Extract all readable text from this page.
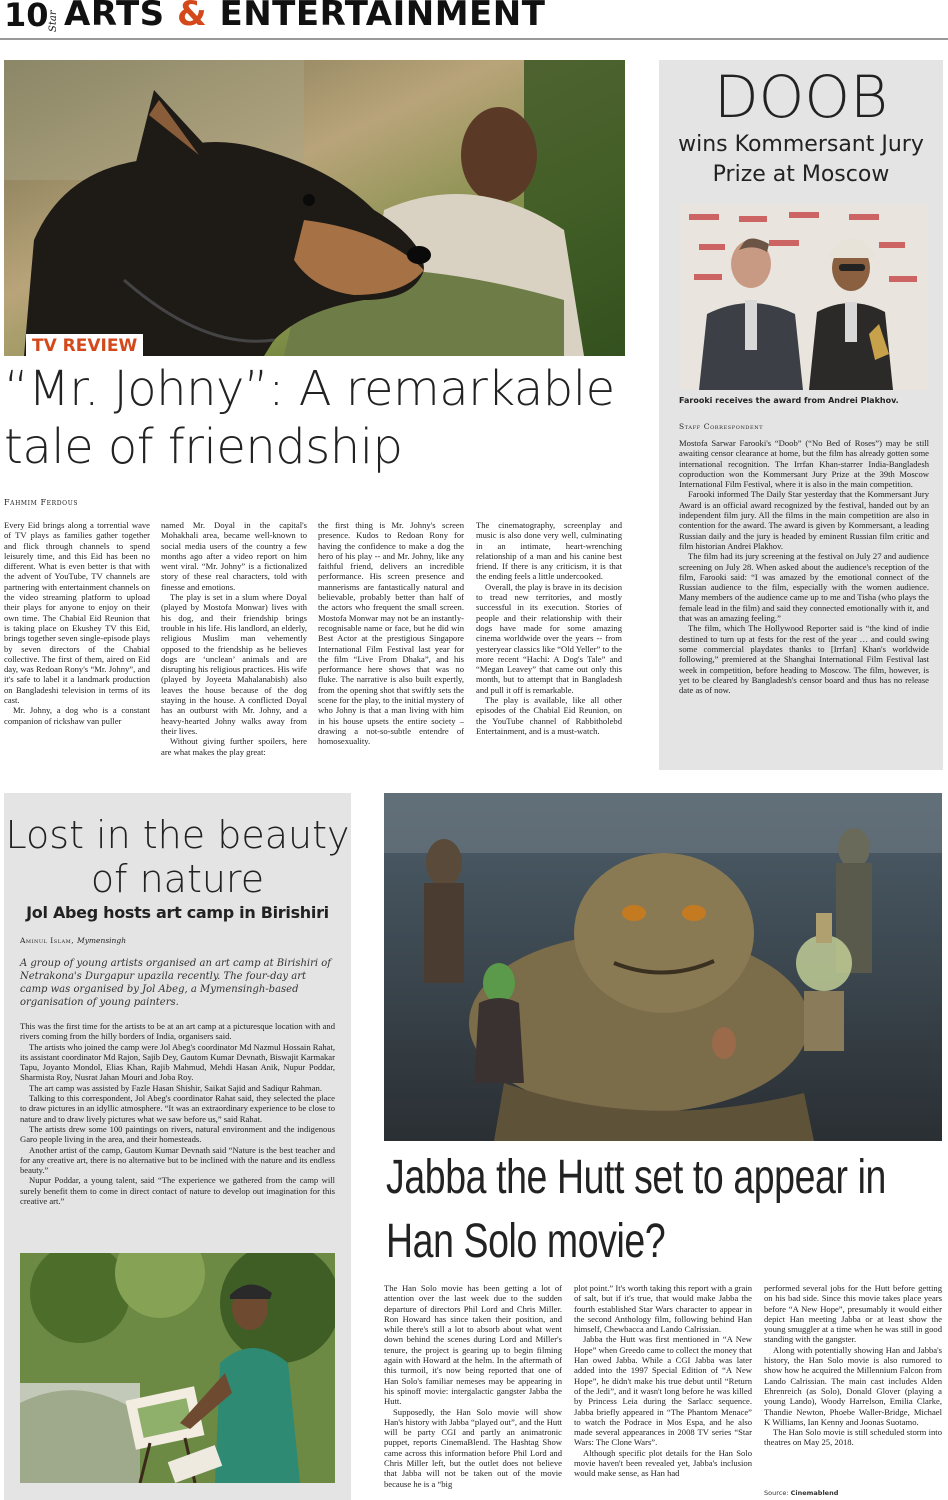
10 Star ARTS & ENTERTAINMENT
TV REVIEW
“Mr. Johny”: A remarkable tale of friendship
Fahmim Ferdous

Every Eid brings along a torrential wave of TV plays as families gather together and flick through channels to spend leisurely time, and this Eid has been no different. What is even better is that with the advent of YouTube, TV channels are partnering with entertainment channels on the video streaming platform to upload their plays for anyone to enjoy on their own time. The Chabial Eid Reunion that is taking place on Ekushey TV this Eid, brings together seven single-episode plays by seven directors of the Chabial collective. The first of them, aired on Eid day, was Redoan Rony's “Mr. Johny”, and it's safe to label it a landmark production on Bangladeshi television in terms of its cast.

Mr. Johny, a dog who is a constant companion of rickshaw van puller

named Mr. Doyal in the capital's Mohakhali area, became well-known to social media users of the country a few months ago after a video report on him went viral. “Mr. Johny” is a fictionalized story of these real characters, told with finesse and emotions.

The play is set in a slum where Doyal (played by Mostofa Monwar) lives with his dog, and their friendship brings trouble in his life. His landlord, an elderly, religious Muslim man vehemently opposed to the friendship as he believes dogs are ‘unclean’ animals and are disrupting his religious practices. His wife (played by Joyeeta Mahalanabish) also leaves the house because of the dog staying in the house. A conflicted Doyal has an outburst with Mr. Johny, and a heavy-hearted Johny walks away from their lives.

Without giving further spoilers, here are what makes the play great:

the first thing is Mr. Johny's screen presence. Kudos to Redoan Rony for having the confidence to make a dog the hero of his play -- and Mr. Johny, like any faithful friend, delivers an incredible performance. His screen presence and mannerisms are fantastically natural and believable, probably better than half of the actors who frequent the small screen. Mostofa Monwar may not be an instantly-recognisable name or face, but he did win Best Actor at the prestigious Singapore International Film Festival last year for the film “Live From Dhaka”, and his performance here shows that was no fluke. The narrative is also built expertly, from the opening shot that swiftly sets the scene for the play, to the initial mystery of who Johny is that a man living with him in his house upsets the entire society – drawing a not-so-subtle entendre of homosexuality.

The cinematography, screenplay and music is also done very well, culminating in an intimate, heart-wrenching relationship of a man and his canine best friend. If there is any criticism, it is that the ending feels a little undercooked.

Overall, the play is brave in its decision to tread new territories, and mostly successful in its execution. Stories of people and their relationship with their dogs have made for some amazing cinema worldwide over the years -- from yesteryear classics like “Old Yeller” to the more recent “Hachi: A Dog's Tale” and “Megan Leavey” that came out only this month, but to attempt that in Bangladesh and pull it off is remarkable.

The play is available, like all other episodes of the Chabial Eid Reunion, on the YouTube channel of Rabbitholebd Entertainment, and is a must-watch.

DOOB
wins Kommersant Jury Prize at Moscow
Farooki receives the award from Andrei Plakhov.
Staff Correspondent

Mostofa Sarwar Farooki's “Doob” (“No Bed of Roses”) may be still awaiting censor clearance at home, but the film has already gotten some international recognition. The Irrfan Khan-starrer India-Bangladesh coproduction won the Kommersant Jury Prize at the 39th Moscow International Film Festival, where it is also in the main competition.

Farooki informed The Daily Star yesterday that the Kommersant Jury Award is an official award recognized by the festival, handed out by an independent film jury. All the films in the main competition are also in contention for the award. The award is given by Kommersant, a leading Russian daily and the jury is headed by eminent Russian film critic and film historian Andrei Plakhov.

The film had its jury screening at the festival on July 27 and audience screening on July 28. When asked about the audience's reception of the film, Farooki said: “I was amazed by the emotional connect of the Russian audience to the film, especially with the women audience. Many members of the audience came up to me and Tisha (who plays the female lead in the film) and said they connected emotionally with it, and that was an amazing feeling.”

The film, which The Hollywood Reporter said is “the kind of indie destined to turn up at fests for the rest of the year … and could swing some commercial playdates thanks to [Irrfan] Khan's worldwide following,” premiered at the Shanghai International Film Festival last week in competition, before heading to Moscow. The film, however, is yet to be cleared by Bangladesh's censor board and thus has no release date as of now.

Lost in the beauty of nature
Jol Abeg hosts art camp in Birishiri
Aminul Islam, Mymensingh
A group of young artists organised an art camp at Birishiri of Netrakona's Durgapur upazila recently. The four-day art camp was organised by Jol Abeg, a Mymensingh-based organisation of young painters.

This was the first time for the artists to be at an art camp at a picturesque location with and rivers coming from the hilly borders of India, organisers said.

The artists who joined the camp were Jol Abeg's coordinator Md Nazmul Hossain Rahat, its assistant coordinator Md Rajon, Sajib Dey, Gautom Kumar Devnath, Biswajit Karmakar Tapu, Joyanto Mondol, Elias Khan, Rajib Mahmud, Mehdi Hasan Anik, Nupur Poddar, Sharmista Roy, Nusrat Jahan Mouri and Joba Roy.

The art camp was assisted by Fazle Hasan Shishir, Saikat Sajid and Sadiqur Rahman.

Talking to this correspondent, Jol Abeg's coordinator Rahat said, they selected the place to draw pictures in an idyllic atmosphere. “It was an extraordinary experience to be close to nature and to draw lively pictures what we saw before us,” said Rahat.

The artists drew some 100 paintings on rivers, natural environment and the indigenous Garo people living in the area, and their homesteads.

Another artist of the camp, Gautom Kumar Devnath said “Nature is the best teacher and for any creative art, there is no alternative but to be inclined with the nature and its endless beauty.”

Nupur Poddar, a young talent, said “The experience we gathered from the camp will surely benefit them to come in direct contact of nature to develop out imagination for this creative art.”	Jabba the Hutt set to appear in Han Solo movie?

The Han Solo movie has been getting a lot of attention over the last week due to the sudden departure of directors Phil Lord and Chris Miller. Ron Howard has since taken their position, and while there's still a lot to absorb about what went down behind the scenes during Lord and Miller's tenure, the project is gearing up to begin filming again with Howard at the helm. In the aftermath of this turmoil, it's now being reported that one of Han Solo's familiar nemeses may be appearing in his spinoff movie: intergalactic gangster Jabba the Hutt.

Supposedly, the Han Solo movie will show Han's history with Jabba “played out”, and the Hutt will be party CGI and partly an animatronic puppet, reports CinemaBlend. The Hashtag Show came across this information before Phil Lord and Chris Miller left, but the outlet does not believe that Jabba will not be taken out of the movie because he is a “big

plot point.” It's worth taking this report with a grain of salt, but if it's true, that would make Jabba the fourth established Star Wars character to appear in the second Anthology film, following behind Han himself, Chewbacca and Lando Calrissian.

Jabba the Hutt was first mentioned in “A New Hope” when Greedo came to collect the money that Han owed Jabba. While a CGI Jabba was later added into the 1997 Special Edition of “A New Hope”, he didn't make his true debut until “Return of the Jedi”, and it wasn't long before he was killed by Princess Leia during the Sarlacc sequence. Jabba briefly appeared in “The Phantom Menace” to watch the Podrace in Mos Espa, and he also made several appearances in 2008 TV series “Star Wars: The Clone Wars”.

Although specific plot details for the Han Solo movie haven't been revealed yet, Jabba's inclusion would make sense, as Han had

performed several jobs for the Hutt before getting on his bad side. Since this movie takes place years before “A New Hope”, presumably it would either depict Han meeting Jabba or at least show the young smuggler at a time when he was still in good standing with the gangster.

Along with potentially showing Han and Jabba's history, the Han Solo movie is also rumored to show how he acquired the Millennium Falcon from Lando Calrissian. The main cast includes Alden Ehrenreich (as Solo), Donald Glover (playing a young Lando), Woody Harrelson, Emilia Clarke, Thandie Newton, Phoebe Waller-Bridge, Michael K Williams, Ian Kenny and Joonas Suotamo.

The Han Solo movie is still scheduled storm into theatres on May 25, 2018.

Source: Cinemablend
